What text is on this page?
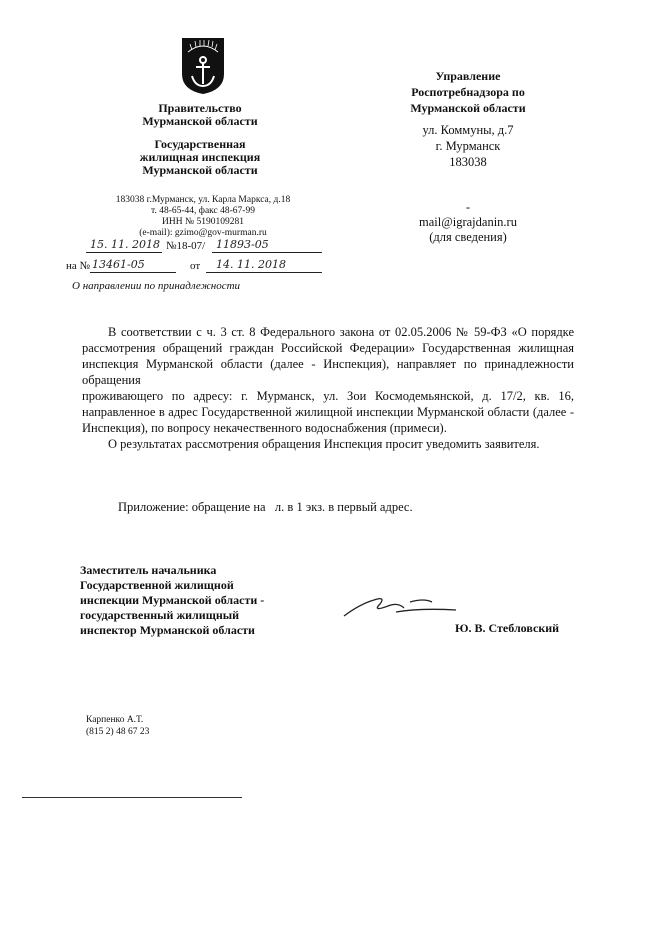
Правительство
Мурманской области
Государственная
жилищная инспекция
Мурманской области
183038 г.Мурманск, ул. Карла Маркса, д.18
т. 48-65-44, факс 48-67-99
ИНН № 5190109281
(e-mail): gzimo@gov-murman.ru
15. 11. 2018 №18-07/ 11893-05
на № 13461-05	от 14. 11. 2018
О направлении по принадлежности
Управление
Роспотребнадзора по
Мурманской области
ул. Коммуны, д.7
г. Мурманск
183038
-
mail@igrajdanin.ru
(для сведения)

В соответствии с ч. 3 ст. 8 Федерального закона от 02.05.2006 № 59-ФЗ «О порядке рассмотрения обращений граждан Российской Федерации» Государственная жилищная инспекция Мурманской области (далее - Инспекция), направляет по принадлежности обращения

проживающего по адресу: г. Мурманск, ул. Зои Космодемьянской, д. 17/2, кв. 16, направленное в адрес Государственной жилищной инспекции Мурманской области (далее - Инспекция), по вопросу некачественного водоснабжения (примеси).

О результатах рассмотрения обращения Инспекция просит уведомить заявителя.

Приложение: обращение на   л. в 1 экз. в первый адрес.
Заместитель начальника
Государственной жилищной
инспекции Мурманской области -
государственный жилищный
инспектор Мурманской области	Ю. В. Стебловский
Карпенко А.Т.
(815 2) 48 67 23
